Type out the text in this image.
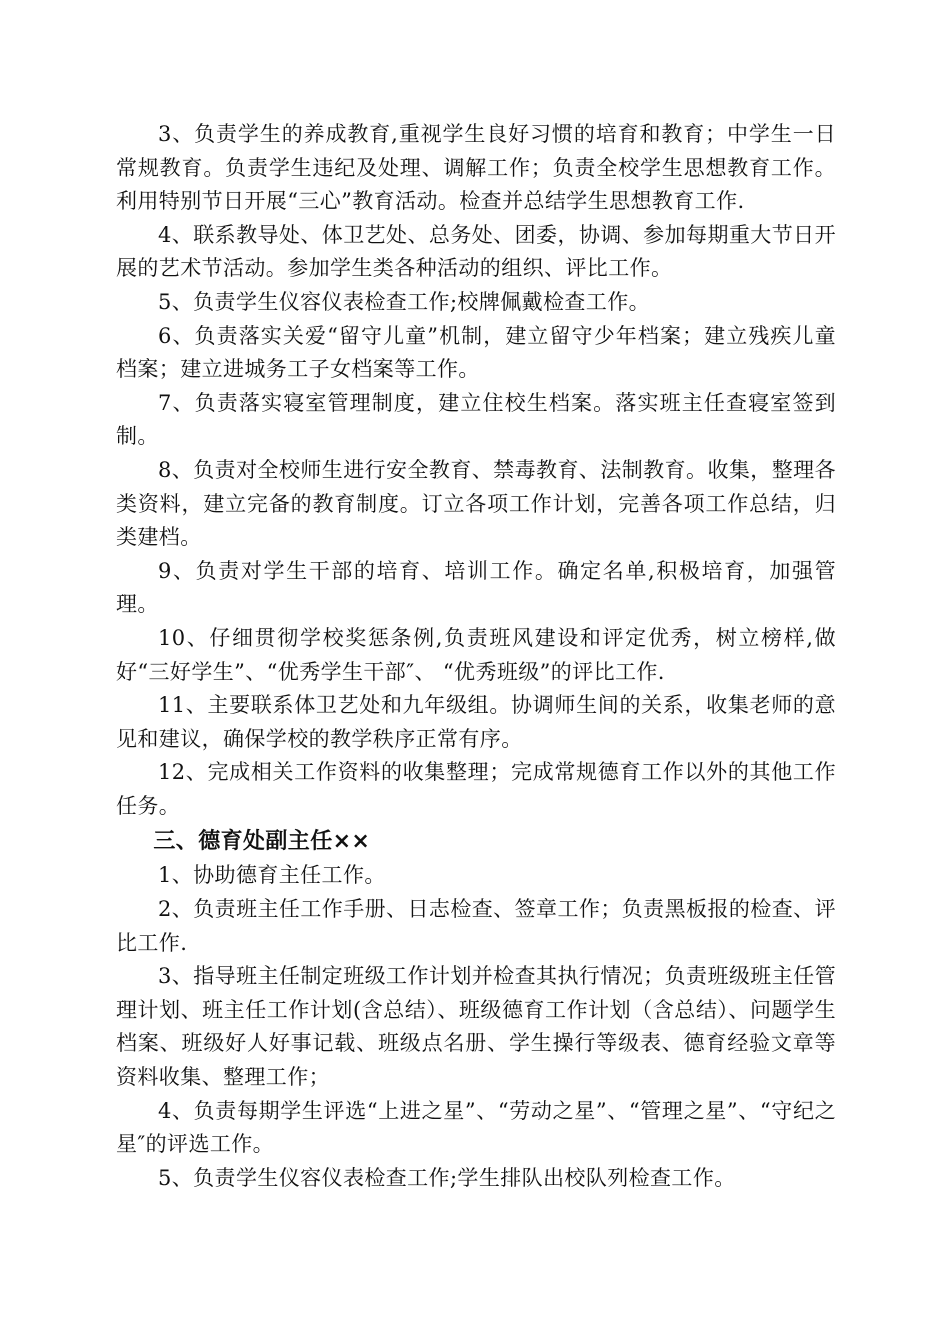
3、负责学生的养成教育,重视学生良好习惯的培育和教育；中学生一日常规教育。负责学生违纪及处理、调解工作；负责全校学生思想教育工作。利用特别节日开展“三心”教育活动。检查并总结学生思想教育工作.

4、联系教导处、体卫艺处、总务处、团委，协调、参加每期重大节日开展的艺术节活动。参加学生类各种活动的组织、评比工作。

5、负责学生仪容仪表检查工作;校牌佩戴检查工作。

6、负责落实关爱“留守儿童”机制，建立留守少年档案；建立残疾儿童档案；建立进城务工子女档案等工作。

7、负责落实寝室管理制度，建立住校生档案。落实班主任查寝室签到制。

8、负责对全校师生进行安全教育、禁毒教育、法制教育。收集，整理各类资料，建立完备的教育制度。订立各项工作计划，完善各项工作总结，归类建档。

9、负责对学生干部的培育、培训工作。确定名单,积极培育，加强管理。

10、仔细贯彻学校奖惩条例,负责班风建设和评定优秀，树立榜样,做好“三好学生”、“优秀学生干部″、 “优秀班级”的评比工作.

11、主要联系体卫艺处和九年级组。协调师生间的关系，收集老师的意见和建议，确保学校的教学秩序正常有序。

12、完成相关工作资料的收集整理；完成常规德育工作以外的其他工作任务。

三、德育处副主任××

1、协助德育主任工作。

2、负责班主任工作手册、日志检查、签章工作；负责黑板报的检查、评比工作.

3、指导班主任制定班级工作计划并检查其执行情况；负责班级班主任管理计划、班主任工作计划(含总结）、班级德育工作计划（含总结）、问题学生档案、班级好人好事记载、班级点名册、学生操行等级表、德育经验文章等资料收集、整理工作；

4、负责每期学生评选“上进之星”、“劳动之星”、“管理之星”、“守纪之星″的评选工作。

5、负责学生仪容仪表检查工作;学生排队出校队列检查工作。
